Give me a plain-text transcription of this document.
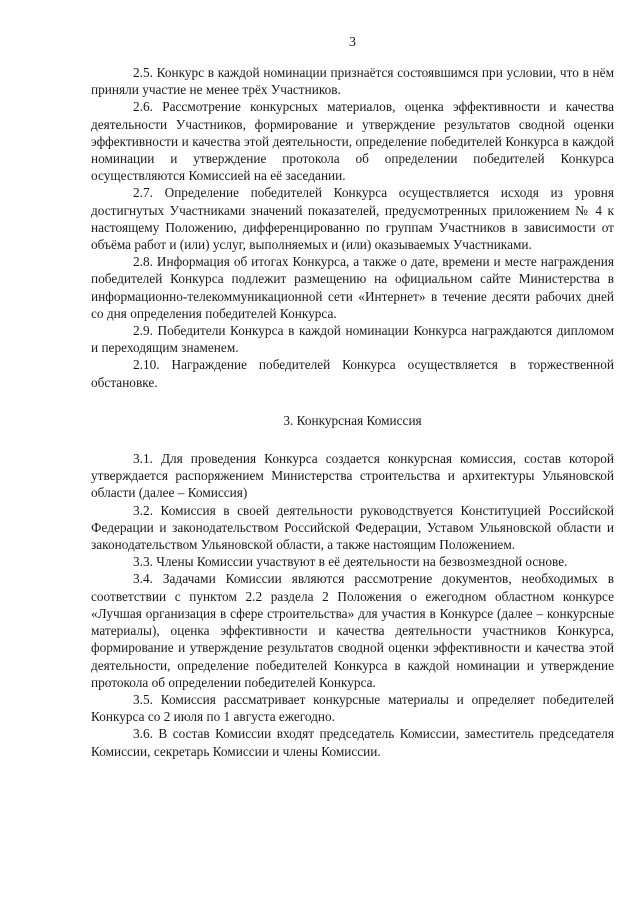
3

2.5. Конкурс в каждой номинации признаётся состоявшимся при условии, что в нём приняли участие не менее трёх Участников.

2.6. Рассмотрение конкурсных материалов, оценка эффективности и качества деятельности Участников, формирование и утверждение результатов сводной оценки эффективности и качества этой деятельности, определение победителей Конкурса в каждой номинации и утверждение протокола об определении победителей Конкурса осуществляются Комиссией на её заседании.

2.7. Определение победителей Конкурса осуществляется исходя из уровня достигнутых Участниками значений показателей, предусмотренных приложением № 4 к настоящему Положению, дифференцированно по группам Участников в зависимости от объёма работ и (или) услуг, выполняемых и (или) оказываемых Участниками.

2.8. Информация об итогах Конкурса, а также о дате, времени и месте награждения победителей Конкурса подлежит размещению на официальном сайте Министерства в информационно-телекоммуникационной сети «Интернет» в течение десяти рабочих дней со дня определения победителей Конкурса.

2.9. Победители Конкурса в каждой номинации Конкурса награждаются дипломом и переходящим знаменем.

2.10. Награждение победителей Конкурса осуществляется в торжественной обстановке.

3. Конкурсная Комиссия

3.1. Для проведения Конкурса создается конкурсная комиссия, состав которой утверждается распоряжением Министерства строительства и архитектуры Ульяновской области (далее – Комиссия)

3.2. Комиссия в своей деятельности руководствуется Конституцией Российской Федерации и законодательством Российской Федерации, Уставом Ульяновской области и законодательством Ульяновской области, а также настоящим Положением.

3.3. Члены Комиссии участвуют в её деятельности на безвозмездной основе.

3.4. Задачами Комиссии являются рассмотрение документов, необходимых в соответствии с пунктом 2.2 раздела 2 Положения о ежегодном областном конкурсе «Лучшая организация в сфере строительства» для участия в Конкурсе (далее – конкурсные материалы), оценка эффективности и качества деятельности участников Конкурса, формирование и утверждение результатов сводной оценки эффективности и качества этой деятельности, определение победителей Конкурса в каждой номинации и утверждение протокола об определении победителей Конкурса.

3.5. Комиссия рассматривает конкурсные материалы и определяет победителей Конкурса со 2 июля по 1 августа ежегодно.

3.6. В состав Комиссии входят председатель Комиссии, заместитель председателя Комиссии, секретарь Комиссии и члены Комиссии.
